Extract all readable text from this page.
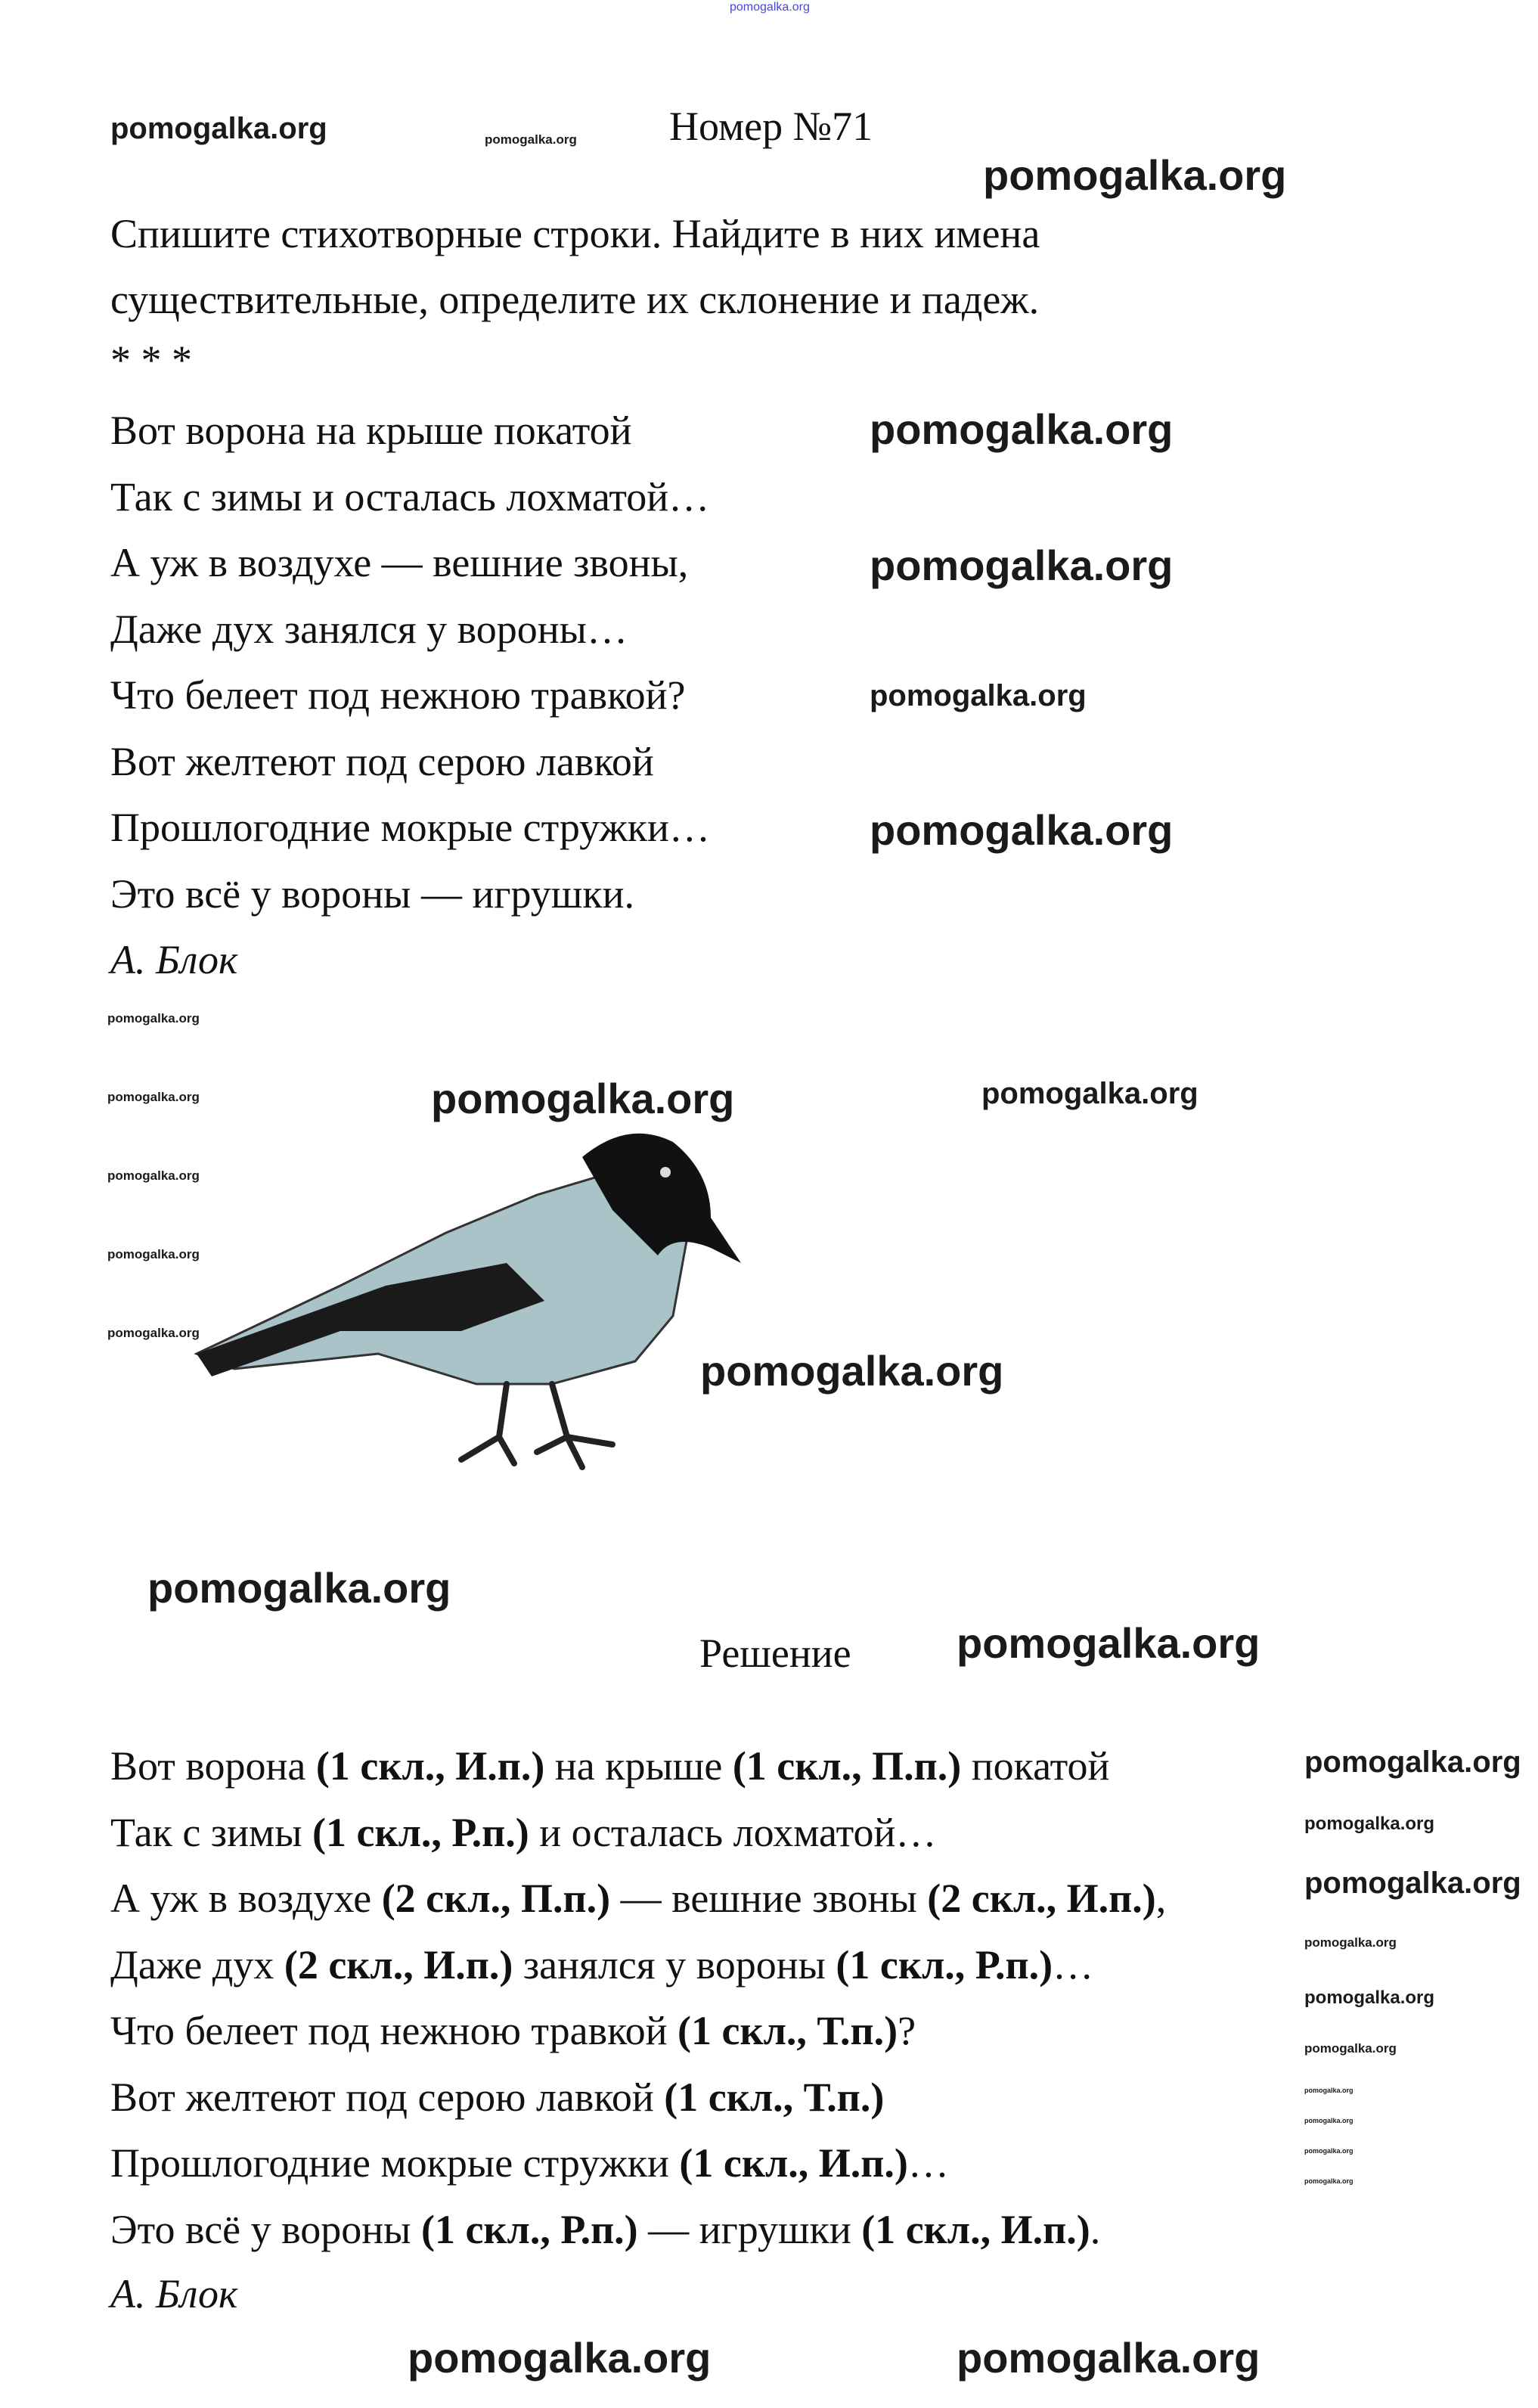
pomogalka.org
pomogalka.org	pomogalka.org Номер №71
pomogalka.org
Спишите стихотворные строки. Найдите в них имена
существительные, определите их склонение и падеж.
* * *
Вот ворона на крыше покатой
Так с зимы и осталась лохматой…
А уж в воздухе — вешние звоны,
Даже дух занялся у вороны…
Что белеет под нежною травкой?
Вот желтеют под серою лавкой
Прошлогодние мокрые стружки…
Это всё у вороны — игрушки.
А. Блок
pomogalka.org
pomogalka.org
pomogalka.org
pomogalka.org
pomogalka.org
pomogalka.org
pomogalka.org
pomogalka.org
pomogalka.org
pomogalka.org	pomogalka.org
pomogalka.org
pomogalka.org
Решение pomogalka.org
Вот ворона (1 скл., И.п.) на крыше (1 скл., П.п.) покатой
Так с зимы (1 скл., Р.п.) и осталась лохматой…
А уж в воздухе (2 скл., П.п.) — вешние звоны (2 скл., И.п.),
Даже дух (2 скл., И.п.) занялся у вороны (1 скл., Р.п.)…
Что белеет под нежною травкой (1 скл., Т.п.)?
Вот желтеют под серою лавкой (1 скл., Т.п.)
Прошлогодние мокрые стружки (1 скл., И.п.)…
Это всё у вороны (1 скл., Р.п.) — игрушки (1 скл., И.п.).
А. Блок
pomogalka.org
pomogalka.org
pomogalka.org
pomogalka.org
pomogalka.org
pomogalka.org
pomogalka.org
pomogalka.org
pomogalka.org
pomogalka.org
pomogalka.org	pomogalka.org
